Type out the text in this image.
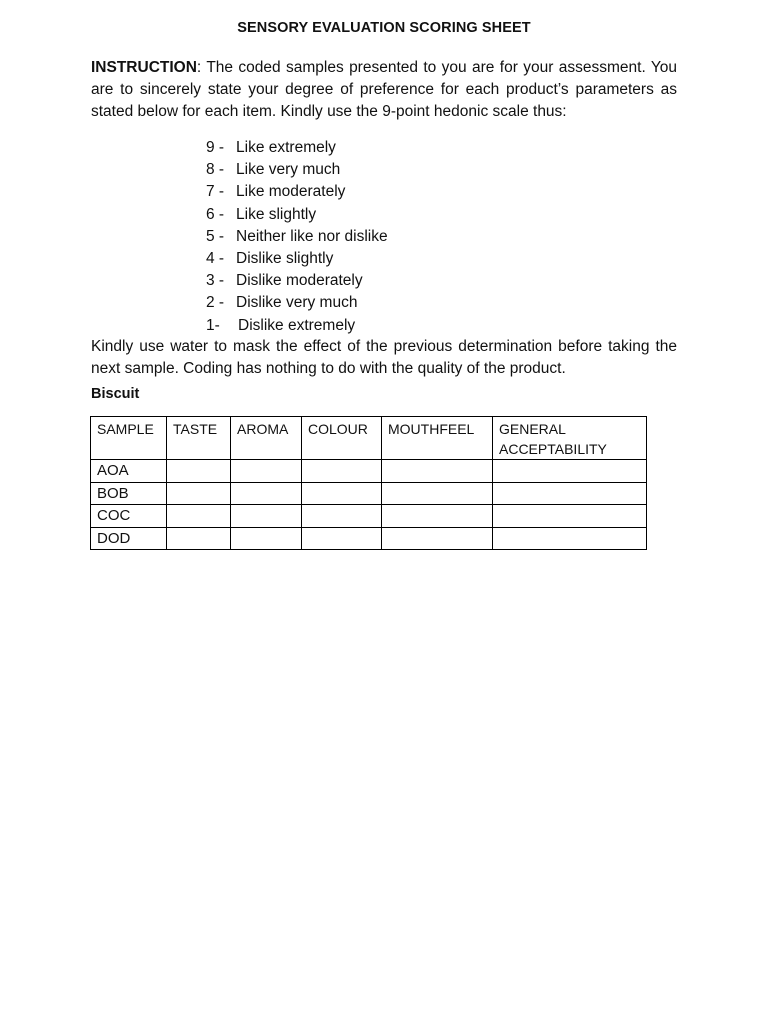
SENSORY EVALUATION SCORING SHEET
INSTRUCTION: The coded samples presented to you are for your assessment. You are to sincerely state your degree of preference for each product’s parameters as stated below for each item. Kindly use the 9-point hedonic scale thus:
9 - Like extremely
8 - Like very much
7 - Like moderately
6 - Like slightly
5 - Neither like nor dislike
4 - Dislike slightly
3 - Dislike moderately
2 - Dislike very much
1- Dislike extremely
Kindly use water to mask the effect of the previous determination before taking the next sample. Coding has nothing to do with the quality of the product.
Biscuit
SAMPLE	TASTE	AROMA	COLOUR	MOUTHFEEL	GENERAL ACCEPTABILITY
AOA					
BOB					
COC					
DOD					
